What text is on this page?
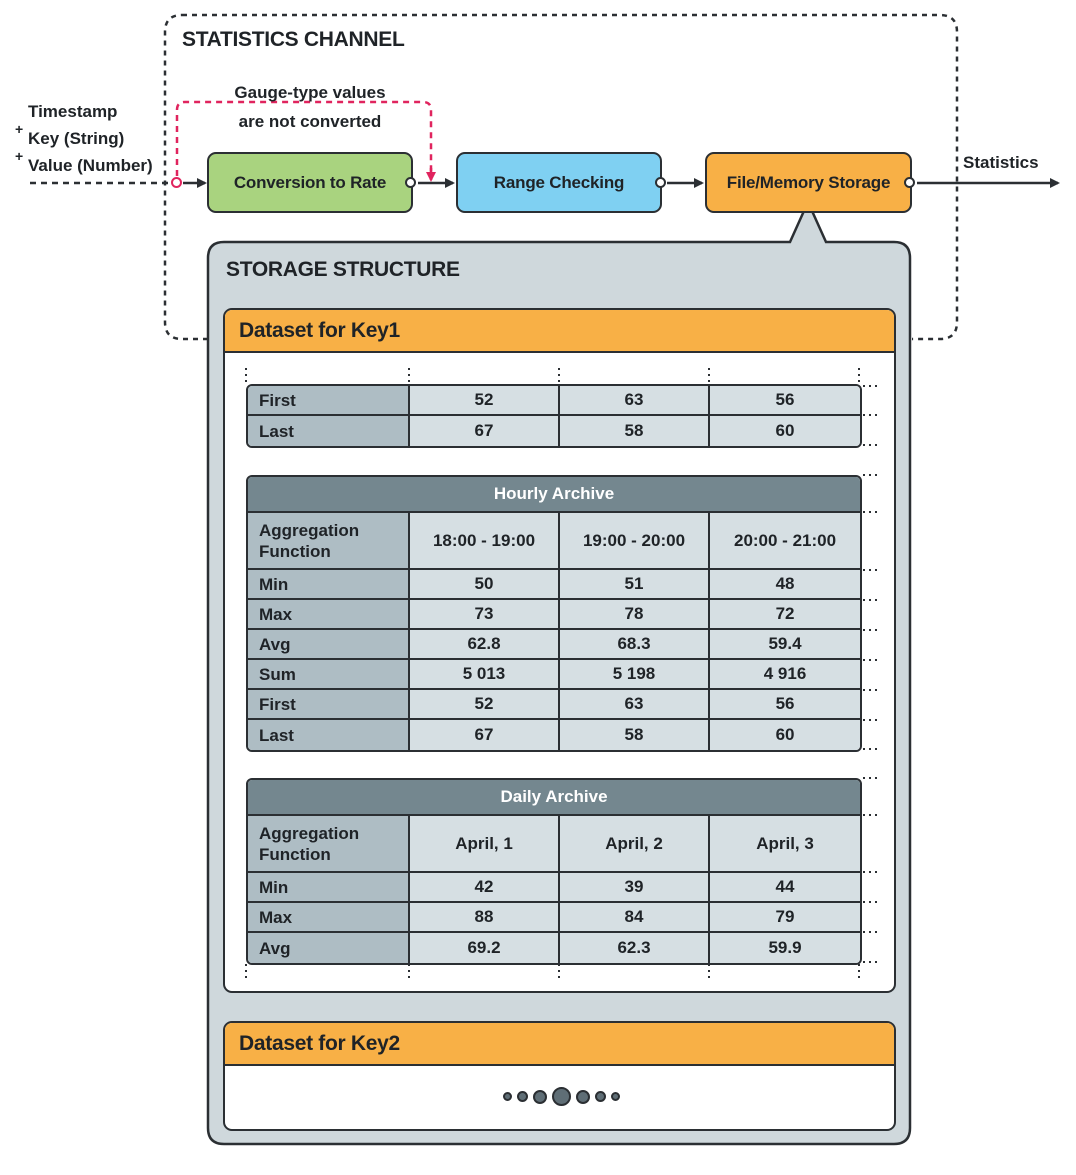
STATISTICS CHANNEL
Timestamp
+ Key (String)
+ Value (Number)
Gauge-type values are not converted
Statistics
Conversion to Rate	Range Checking	File/Memory Storage
STORAGE STRUCTURE
Dataset for Key1
First	52	63	56
Last	67	58	60
Hourly Archive			
Aggregation Function	18:00 - 19:00	19:00 - 20:00	20:00 - 21:00
Min	50	51	48
Max	73	78	72
Avg	62.8	68.3	59.4
Sum	5 013	5 198	4 916
First	52	63	56
Last	67	58	60
Daily Archive			
Aggregation Function	April, 1	April, 2	April, 3
Min	42	39	44
Max	88	84	79
Avg	69.2	62.3	59.9
Dataset for Key2
